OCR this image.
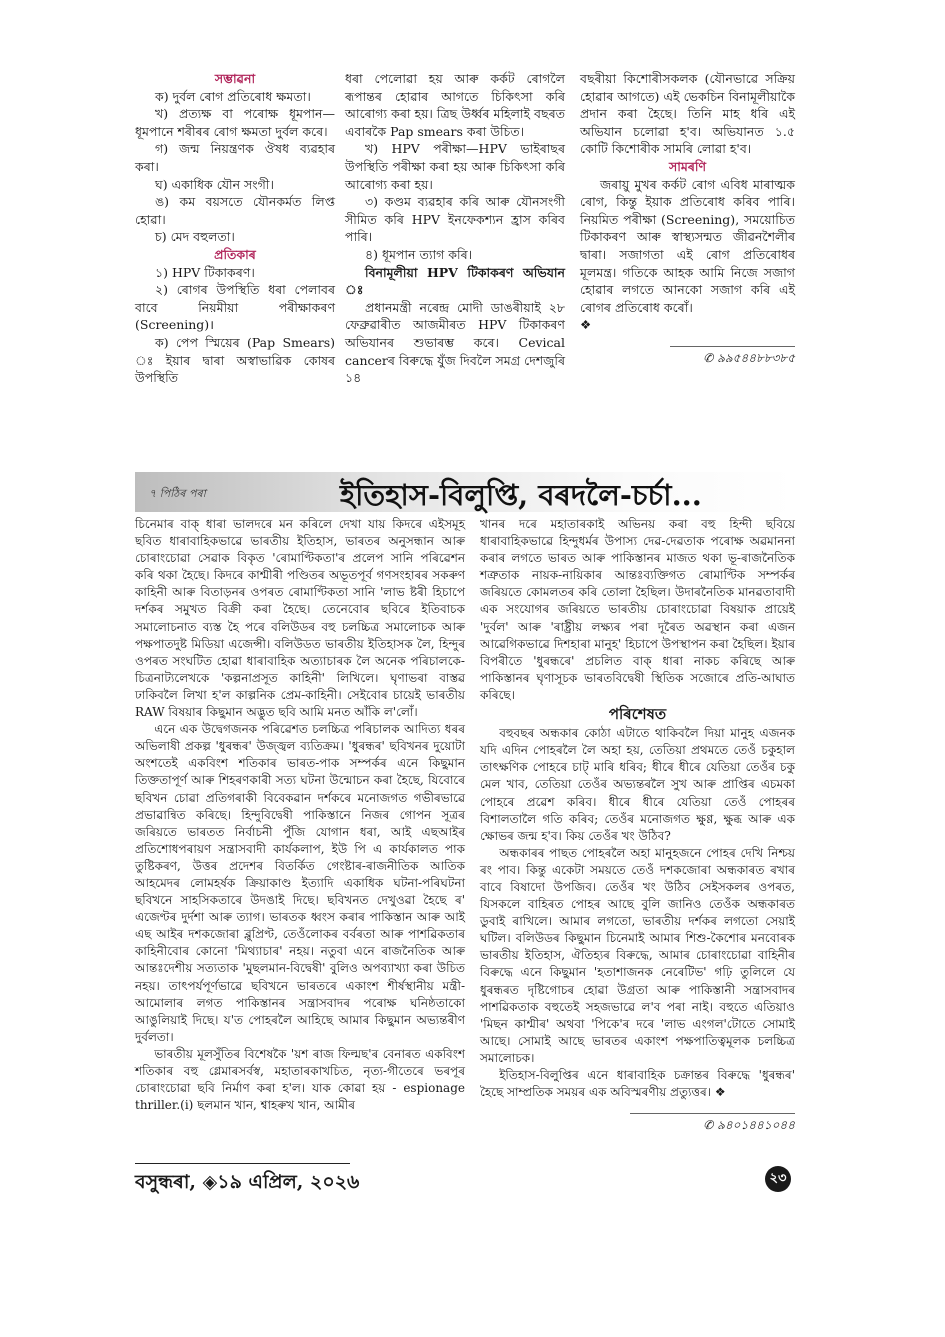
সম্ভাৱনা

ক) দুৰ্বল ৰোগ প্ৰতিৰোধ ক্ষমতা।

খ) প্ৰত্যক্ষ বা পৰোক্ষ ধূমপান—ধূমপানে শৰীৰৰ ৰোগ ক্ষমতা দুৰ্বল কৰে।

গ) জন্ম নিয়ন্ত্ৰণক ঔষধ ব্যৱহাৰ কৰা।

ঘ) একাধিক যৌন সংগী।

ঙ) কম বয়সতে যৌনকৰ্মত লিপ্ত হোৱা।

চ) মেদ বহুলতা।

প্ৰতিকাৰ

১) HPV টিকাকৰণ।

২) ৰোগৰ উপস্থিতি ধৰা পেলাবৰ বাবে নিয়মীয়া পৰীক্ষাকৰণ (Screening)।

ক) পেপ স্মিয়েৰ (Pap Smears) ঃ ইয়াৰ দ্বাৰা অস্বাভাৱিক কোষৰ উপস্থিতি

ধৰা পেলোৱা হয় আৰু কৰ্কট ৰোগলৈ ৰূপান্তৰ হোৱাৰ আগতে চিকিৎসা কৰি আৰোগ্য কৰা হয়। ত্ৰিছ উৰ্ধ্বৰ মহিলাই বছৰত এবাৰকৈ Pap smears কৰা উচিত।

খ) HPV পৰীক্ষা—HPV ভাইৰাছৰ উপস্থিতি পৰীক্ষা কৰা হয় আৰু চিকিৎসা কৰি আৰোগ্য কৰা হয়।

৩) কণ্ডম ব্যৱহাৰ কৰি আৰু যৌনসংগী সীমিত কৰি HPV ইনফেকশ্যন হ্ৰাস কৰিব পাৰি।

৪) ধূমপান ত্যাগ কৰি।

বিনামূলীয়া HPV টিকাকৰণ অভিযান ঃ

প্ৰধানমন্ত্ৰী নৰেন্দ্ৰ মোদী ডাঙৰীয়াই ২৮ ফেব্ৰুৱাৰীত আজমীৰত HPV টিকাকৰণ অভিযানৰ শুভাৰম্ভ কৰে। Cevical cancerৰ বিৰুদ্ধে যুঁজ দিবলৈ সমগ্ৰ দেশজুৰি ১৪

বছৰীয়া কিশোৰীসকলক (যৌনভাৱে সক্ৰিয় হোৱাৰ আগতে) এই ভেকচিন বিনামূলীয়াকৈ প্ৰদান কৰা হৈছে। তিনি মাহ ধৰি এই অভিযান চলোৱা হ'ব। অভিযানত ১.৫ কোটি কিশোৰীক সামৰি লোৱা হ'ব।

সামৰণি

জৰায়ু মুখৰ কৰ্কট ৰোগ এবিধ মাৰাত্মক ৰোগ, কিন্তু ইয়াক প্ৰতিৰোধ কৰিব পাৰি। নিয়মিত পৰীক্ষা (Screening), সময়োচিত টিকাকৰণ আৰু স্বাস্থ্যসন্মত জীৱনশৈলীৰ দ্বাৰা। সজাগতা এই ৰোগ প্ৰতিৰোধৰ মূলমন্ত্ৰ। গতিকে আহক আমি নিজে সজাগ হোৱাৰ লগতে আনকো সজাগ কৰি এই ৰোগৰ প্ৰতিৰোধ কৰোঁ।

❖

✆ ৯৯৫৪৪৮৮৩৮৫
৭ পিঠিৰ পৰা	ইতিহাস-বিলুপ্তি, বৰদলৈ-চৰ্চা...

চিনেমাৰ বাক্ ধাৰা ভালদৰে মন কৰিলে দেখা যায় কিদৰে এইসমূহ ছবিত ধাৰাবাহিকভাৱে ভাৰতীয় ইতিহাস, ভাৰতৰ অনুসন্ধান আৰু চোৰাংচোৱা সেৱাক বিকৃত 'ৰোমাণ্টিকতা'ৰ প্ৰলেপ সানি পৰিৱেশন কৰি থকা হৈছে। কিদৰে কাশ্মীৰী পণ্ডিতৰ অভূতপূৰ্ব গণসংহাৰৰ সকৰুণ কাহিনী আৰু বিতাড়নৰ ওপৰত ৰোমাণ্টিকতা সানি 'লাভ ষ্টৰী হিচাপে দৰ্শকৰ সমুখত বিক্ৰী কৰা হৈছে। তেনেবোৰ ছবিৰে ইতিবাচক সমালোচনাত ব্যস্ত হৈ পৰে বলিউডৰ বহু চলচ্চিত্ৰ সমালোচক আৰু পক্ষপাতদুষ্ট মিডিয়া এজেন্সী। বলিউডত ভাৰতীয় ইতিহাসক লৈ, হিন্দুৰ ওপৰত সংঘটিত হোৱা ধাৰাবাহিক অত্যাচাৰক লৈ অনেক পৰিচালকে-চিত্ৰনাট্যলেখকে 'কল্পনাপ্ৰসূত কাহিনী' লিখিলে। ঘৃণাভৰা বাস্তৱ ঢাকিবলৈ লিখা হ'ল কাল্পনিক প্ৰেম-কাহিনী। সেইবোৰ চায়েই ভাৰতীয় RAW বিষয়াৰ কিছুমান অদ্ভুত ছবি আমি মনত আঁকি ল'লোঁ।

এনে এক উদ্বেগজনক পৰিৱেশত চলচ্চিত্ৰ পৰিচালক আদিত্য ধৰৰ অভিলাষী প্ৰকল্প 'ধুৰন্ধৰ' উজ্জ্বল ব্যতিক্ৰম। 'ধুৰন্ধৰ' ছবিখনৰ দুয়োটা অংশতেই একবিংশ শতিকাৰ ভাৰত-পাক সম্পৰ্কৰ এনে কিছুমান তিক্ততাপূৰ্ণ আৰু শিহৰণকাৰী সত্য ঘটনা উন্মোচন কৰা হৈছে, যিবোৰে ছবিখন চোৱা প্ৰতিগৰাকী বিবেকৱান দৰ্শকৰে মনোজগত গভীৰভাৱে প্ৰভাৱান্বিত কৰিছে। হিন্দুবিদ্বেষী পাকিস্তানে নিজৰ গোপন সূত্ৰৰ জৰিয়তে ভাৰতত নিৰ্বাচনী পুঁজি যোগান ধৰা, আই এছআইৰ প্ৰতিশোধপৰায়ণ সন্ত্ৰাসবাদী কাৰ্যকলাপ, ইউ পি এ কাৰ্যকালত পাক তুষ্টিকৰণ, উত্তৰ প্ৰদেশৰ বিতৰ্কিত গেংষ্টাৰ-ৰাজনীতিক আতিক আহমেদৰ লোমহৰ্ষক ক্ৰিয়াকাণ্ড ইত্যাদি একাধিক ঘটনা-পৰিঘটনা ছবিখনে সাহসিকতাৰে উদঙাই দিছে। ছবিখনত দেখুওৱা হৈছে ৰ' এজেণ্টৰ দুৰ্দশা আৰু ত্যাগ। ভাৰতক ধ্বংস কৰাৰ পাকিস্তান আৰু আই এছ আইৰ দশকজোৰা ব্লুপ্ৰিণ্ট, তেওঁলোকৰ বৰ্বৰতা আৰু পাশৱিকতাৰ কাহিনীবোৰ কোনো 'মিথ্যাচাৰ' নহয়। নতুবা এনে ৰাজনৈতিক আৰু আন্তঃদেশীয় সত্যতাক 'মুছলমান-বিদ্বেষী' বুলিও অপব্যাখ্যা কৰা উচিত নহয়। তাৎপৰ্যপূৰ্ণভাৱে ছবিখনে ভাৰতৰে একাংশ শীৰ্ষস্থানীয় মন্ত্ৰী-আমোলাৰ লগত পাকিস্তানৰ সন্ত্ৰাসবাদৰ পৰোক্ষ ঘনিষ্ঠতাকো আঙুলিয়াই দিছে। য'ত পোহৰলৈ আহিছে আমাৰ কিছুমান অভ্যন্তৰীণ দুৰ্বলতা।

ভাৰতীয় মূলসুঁতিৰ বিশেষকৈ 'য়শ ৰাজ ফিল্মছ'ৰ বেনাৰত একবিংশ শতিকাৰ বহু গ্লেমাৰসৰ্বস্ব, মহাতাৰকাখচিত, নৃত্য-গীতেৰে ভৰপূৰ চোৰাংচোৱা ছবি নিৰ্মাণ কৰা হ'ল। যাক কোৱা হয় - espionage thriller.(i) ছলমান খান, শ্বাহৰুখ খান, আমীৰ

খানৰ দৰে মহাতাৰকাই অভিনয় কৰা বহু হিন্দী ছবিয়ে ধাৰাবাহিকভাৱে হিন্দুধৰ্মৰ উপাস্য দেৱ-দেৱতাক পৰোক্ষ অৱমাননা কৰাৰ লগতে ভাৰত আৰু পাকিস্তানৰ মাজত থকা ভূ-ৰাজনৈতিক শত্ৰুতাক নায়ক-নায়িকাৰ আন্তঃব্যক্তিগত ৰোমাণ্টিক সম্পৰ্কৰ জৰিয়তে কোমলতৰ কৰি তোলা হৈছিল। উদাৰনৈতিক মানৱতাবাদী এক সংযোগৰ জৰিয়তে ভাৰতীয় চোৰাংচোৱা বিষয়াক প্ৰায়েই 'দুৰ্বল' আৰু 'ৰাষ্ট্ৰীয় লক্ষ্যৰ পৰা দূৰৈত অৱস্থান কৰা এজন আৱেগিকভাৱে দিশহাৰা মানুহ' হিচাপে উপস্থাপন কৰা হৈছিল। ইয়াৰ বিপৰীতে 'ধুৰন্ধৰে' প্ৰচলিত বাক্ ধাৰা নাকচ কৰিছে আৰু পাকিস্তানৰ ঘৃণাসূচক ভাৰতবিদ্বেষী স্থিতিক সজোৰে প্ৰতি-আঘাত কৰিছে।

পৰিশেষত

বহুবছৰ অন্ধকাৰ কোঠা এটাতে থাকিবলৈ দিয়া মানুহ এজনক যদি এদিন পোহৰলৈ লৈ অহা হয়, তেতিয়া প্ৰথমতে তেওঁ চকুহাল তাৎক্ষণিক পোহৰে চাট্ মাৰি ধৰিব; ধীৰে ধীৰে যেতিয়া তেওঁৰ চকু মেল খাব, তেতিয়া তেওঁৰ অভ্যন্তৰলৈ সুখ আৰু প্ৰাপ্তিৰ এচমকা পোহৰে প্ৰৱেশ কৰিব। ধীৰে ধীৰে যেতিয়া তেওঁ পোহৰৰ বিশালতালৈ গতি কৰিব; তেওঁৰ মনোজগত ক্ষুণ্ণ, ক্ষুব্ধ আৰু এক ক্ষোভৰ জন্ম হ'ব। কিয় তেওঁৰ খং উঠিব?

অন্ধকাৰৰ পাছত পোহৰলৈ অহা মানুহজনে পোহৰ দেখি নিশ্চয় ৰং পাব। কিন্তু একেটা সময়তে তেওঁ দশকজোৰা অন্ধকাৰত ৰখাৰ বাবে বিষাদো উপজিব। তেওঁৰ খং উঠিব সেইসকলৰ ওপৰত, যিসকলে বাহিৰত পোহৰ আছে বুলি জানিও তেওঁক অন্ধকাৰত ডুবাই ৰাখিলে। আমাৰ লগতো, ভাৰতীয় দৰ্শকৰ লগতো সেয়াই ঘটিল। বলিউডৰ কিছুমান চিনেমাই আমাৰ শিশু-কৈশোৰ মনবোৰক ভাৰতীয় ইতিহাস, ঐতিহ্যৰ বিৰুদ্ধে, আমাৰ চোৰাংচোৱা বাহিনীৰ বিৰুদ্ধে এনে কিছুমান 'হতাশাজনক নেৰেটিভ' গঢ়ি তুলিলে যে ধুৰন্ধৰত দৃষ্টিগোচৰ হোৱা উগ্ৰতা আৰু পাকিস্তানী সন্ত্ৰাসবাদৰ পাশৱিকতাক বহুতেই সহজভাৱে ল'ব পৰা নাই। বহুতে এতিয়াও 'মিছন কাশ্মীৰ' অথবা 'পিকে'ৰ দৰে 'লাভ এংগল'টোতে সোমাই আছে। সোমাই আছে ভাৰতৰ একাংশ পক্ষপাতিত্বমূলক চলচ্চিত্ৰ সমালোচক।

ইতিহাস-বিলুপ্তিৰ এনে ধাৰাবাহিক চক্ৰান্তৰ বিৰুদ্ধে 'ধুৰন্ধৰ' হৈছে সাম্প্ৰতিক সময়ৰ এক অবিস্মৰণীয় প্ৰত্যুত্তৰ। ❖

✆ ৯৪০১৪৪১০৪৪
বসুন্ধৰা, ◈১৯ এপ্ৰিল, ২০২৬	২৩
